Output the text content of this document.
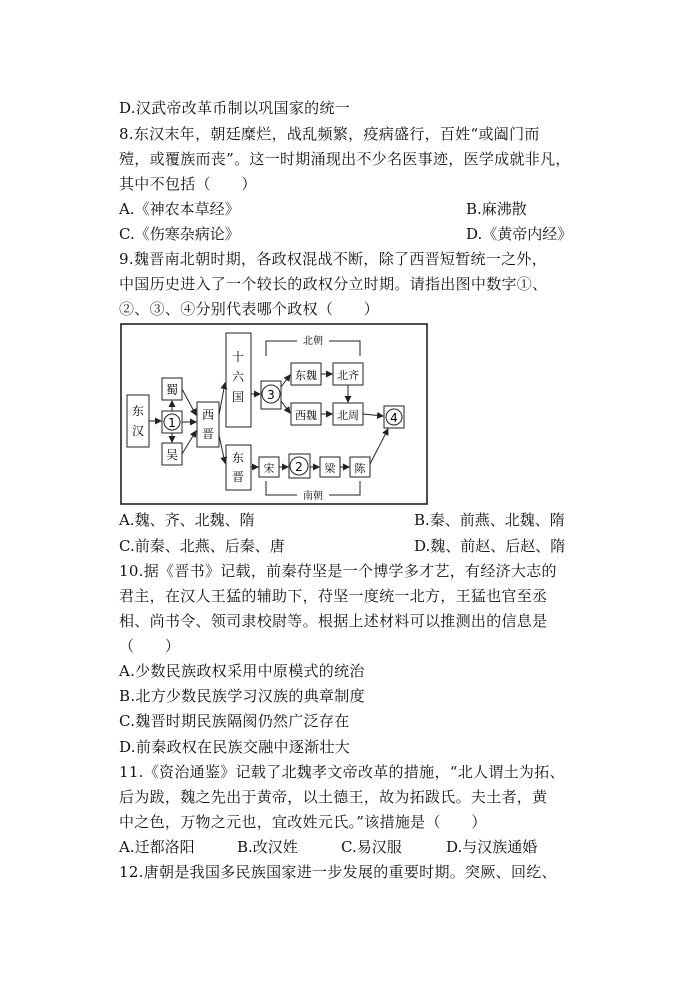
D.汉武帝改革币制以巩国家的统一
8.东汉末年，朝廷糜烂，战乱频繁，疫病盛行，百姓“或阖门而
殪，或覆族而丧”。这一时期涌现出不少名医事迹，医学成就非凡，
其中不包括（　　）
A.《神农本草经》	B.麻沸散
C.《伤寒杂病论》	D.《黄帝内经》
9.魏晋南北朝时期，各政权混战不断，除了西晋短暂统一之外，
中国历史进入了一个较长的政权分立时期。请指出图中数字①、
②、③、④分别代表哪个政权（　　）
东
汉
蜀
1
吴
西
晋
十
六
国
东
晋
3
北朝
东魏 北齐
西魏 北周	4
宋 2 梁 陈
南朝
A.魏、齐、北魏、隋	B.秦、前燕、北魏、隋
C.前秦、北燕、后秦、唐	D.魏、前赵、后赵、隋
10.据《晋书》记载，前秦苻坚是一个博学多才艺，有经济大志的
君主，在汉人王猛的辅助下，苻坚一度统一北方，王猛也官至丞
相、尚书令、领司隶校尉等。根据上述材料可以推测出的信息是
（　　）
A.少数民族政权采用中原模式的统治
B.北方少数民族学习汉族的典章制度
C.魏晋时期民族隔阂仍然广泛存在
D.前秦政权在民族交融中逐渐壮大
11.《资治通鉴》记载了北魏孝文帝改革的措施，“北人谓土为拓、
后为跋，魏之先出于黄帝，以土德王，故为拓跋氏。夫土者，黄
中之色，万物之元也，宜改姓元氏。”该措施是（　　）
A.迁都洛阳	B.改汉姓	C.易汉服	D.与汉族通婚
12.唐朝是我国多民族国家进一步发展的重要时期。突厥、回纥、
